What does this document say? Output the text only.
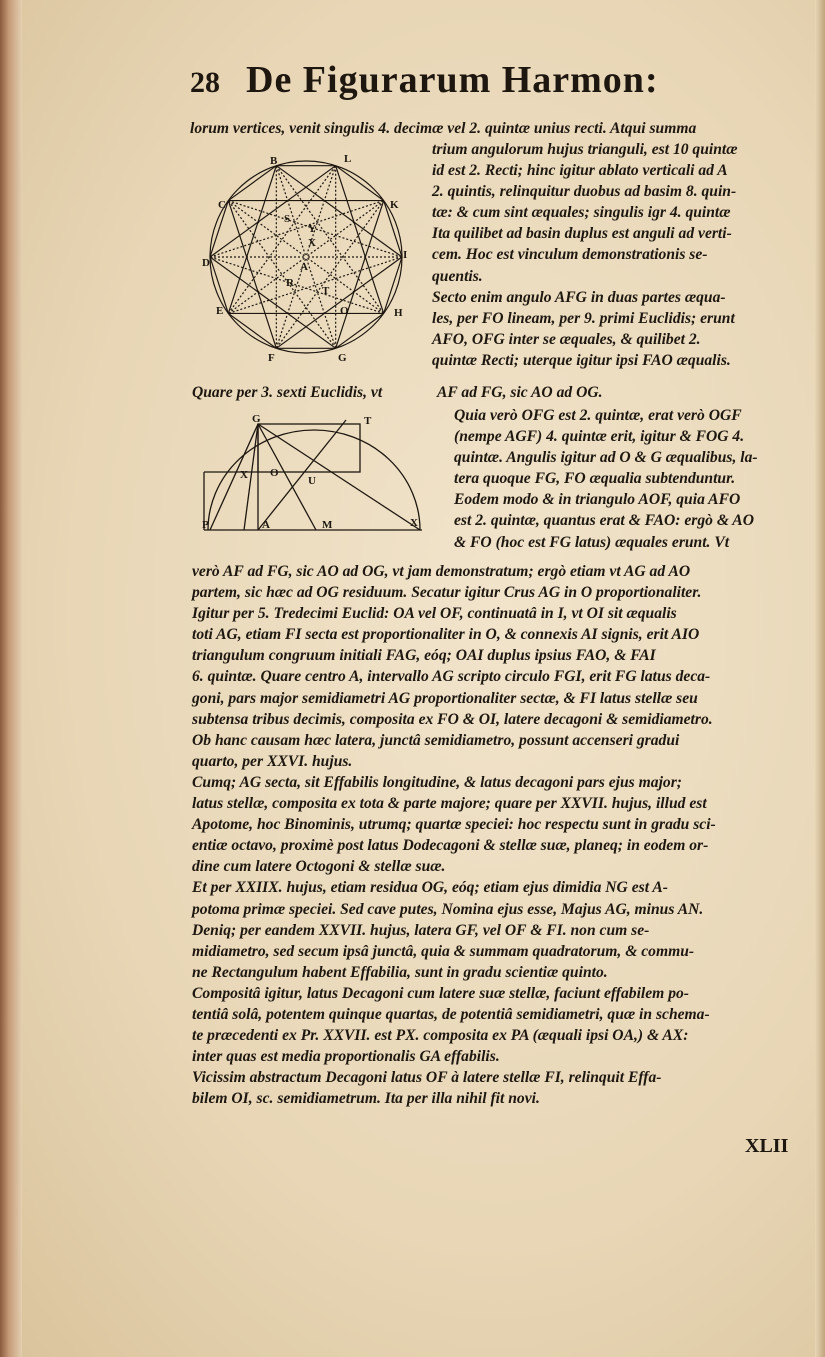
28 De Figurarum Harmon:
lorum vertices, venit singulis 4. decimæ vel 2. quintæ unius recti. Atqui summa
B	L
C	K
D
I
E	H
F	G
S
Y
A
R
O
T
X
trium angulorum hujus trianguli, est 10 quintæ
id est 2. Recti; hinc igitur ablato verticali ad A
2. quintis, relinquitur duobus ad basim 8. quin-
tæ: & cum sint æquales; singulis igr 4. quintæ
Ita quilibet ad basin duplus est anguli ad verti-
cem. Hoc est vinculum demonstrationis se-
quentis.
Secto enim angulo AFG in duas partes æqua-
les, per FO lineam, per 9. primi Euclidis; erunt
AFO, OFG inter se æquales, & quilibet 2.
quintæ Recti; uterque igitur ipsi FAO æqualis.
Quare per 3. sexti Euclidis, vt	AF ad FG, sic AO ad OG.
G	T
X O
U
P	A	M	X
Quia verò OFG est 2. quintæ, erat verò OGF
(nempe AGF) 4. quintæ erit, igitur & FOG 4.
quintæ. Angulis igitur ad O & G æqualibus, la-
tera quoque FG, FO æqualia subtenduntur.
Eodem modo & in triangulo AOF, quia AFO
est 2. quintæ, quantus erat & FAO: ergò & AO
& FO (hoc est FG latus) æquales erunt. Vt
verò AF ad FG, sic AO ad OG, vt jam demonstratum; ergò etiam vt AG ad AO
partem, sic hæc ad OG residuum. Secatur igitur Crus AG in O proportionaliter.
Igitur per 5. Tredecimi Euclid: OA vel OF, continuatâ in I, vt OI sit æqualis
toti AG, etiam FI secta est proportionaliter in O, & connexis AI signis, erit AIO
triangulum congruum initiali FAG, eóq; OAI duplus ipsius FAO, & FAI
6. quintæ. Quare centro A, intervallo AG scripto circulo FGI, erit FG latus deca-
goni, pars major semidiametri AG proportionaliter sectæ, & FI latus stellæ seu
subtensa tribus decimis, composita ex FO & OI, latere decagoni & semidiametro.
Ob hanc causam hæc latera, junctâ semidiametro, possunt accenseri gradui
quarto, per XXVI. hujus.
Cumq; AG secta, sit Effabilis longitudine, & latus decagoni pars ejus major;
latus stellæ, composita ex tota & parte majore; quare per XXVII. hujus, illud est
Apotome, hoc Binominis, utrumq; quartæ speciei: hoc respectu sunt in gradu sci-
entiæ octavo, proximè post latus Dodecagoni & stellæ suæ, planeq; in eodem or-
dine cum latere Octogoni & stellæ suæ.
Et per XXIIX. hujus, etiam residua OG, eóq; etiam ejus dimidia NG est A-
potoma primæ speciei. Sed cave putes, Nomina ejus esse, Majus AG, minus AN.
Deniq; per eandem XXVII. hujus, latera GF, vel OF & FI. non cum se-
midiametro, sed secum ipsâ junctâ, quia & summam quadratorum, & commu-
ne Rectangulum habent Effabilia, sunt in gradu scientiæ quinto.
Compositâ igitur, latus Decagoni cum latere suæ stellæ, faciunt effabilem po-
tentiâ solâ, potentem quinque quartas, de potentiâ semidiametri, quæ in schema-
te præcedenti ex Pr. XXVII. est PX. composita ex PA (æquali ipsi OA,) & AX:
inter quas est media proportionalis GA effabilis.
Vicissim abstractum Decagoni latus OF à latere stellæ FI, relinquit Effa-
bilem OI, sc. semidiametrum. Ita per illa nihil fit novi.
XLII
